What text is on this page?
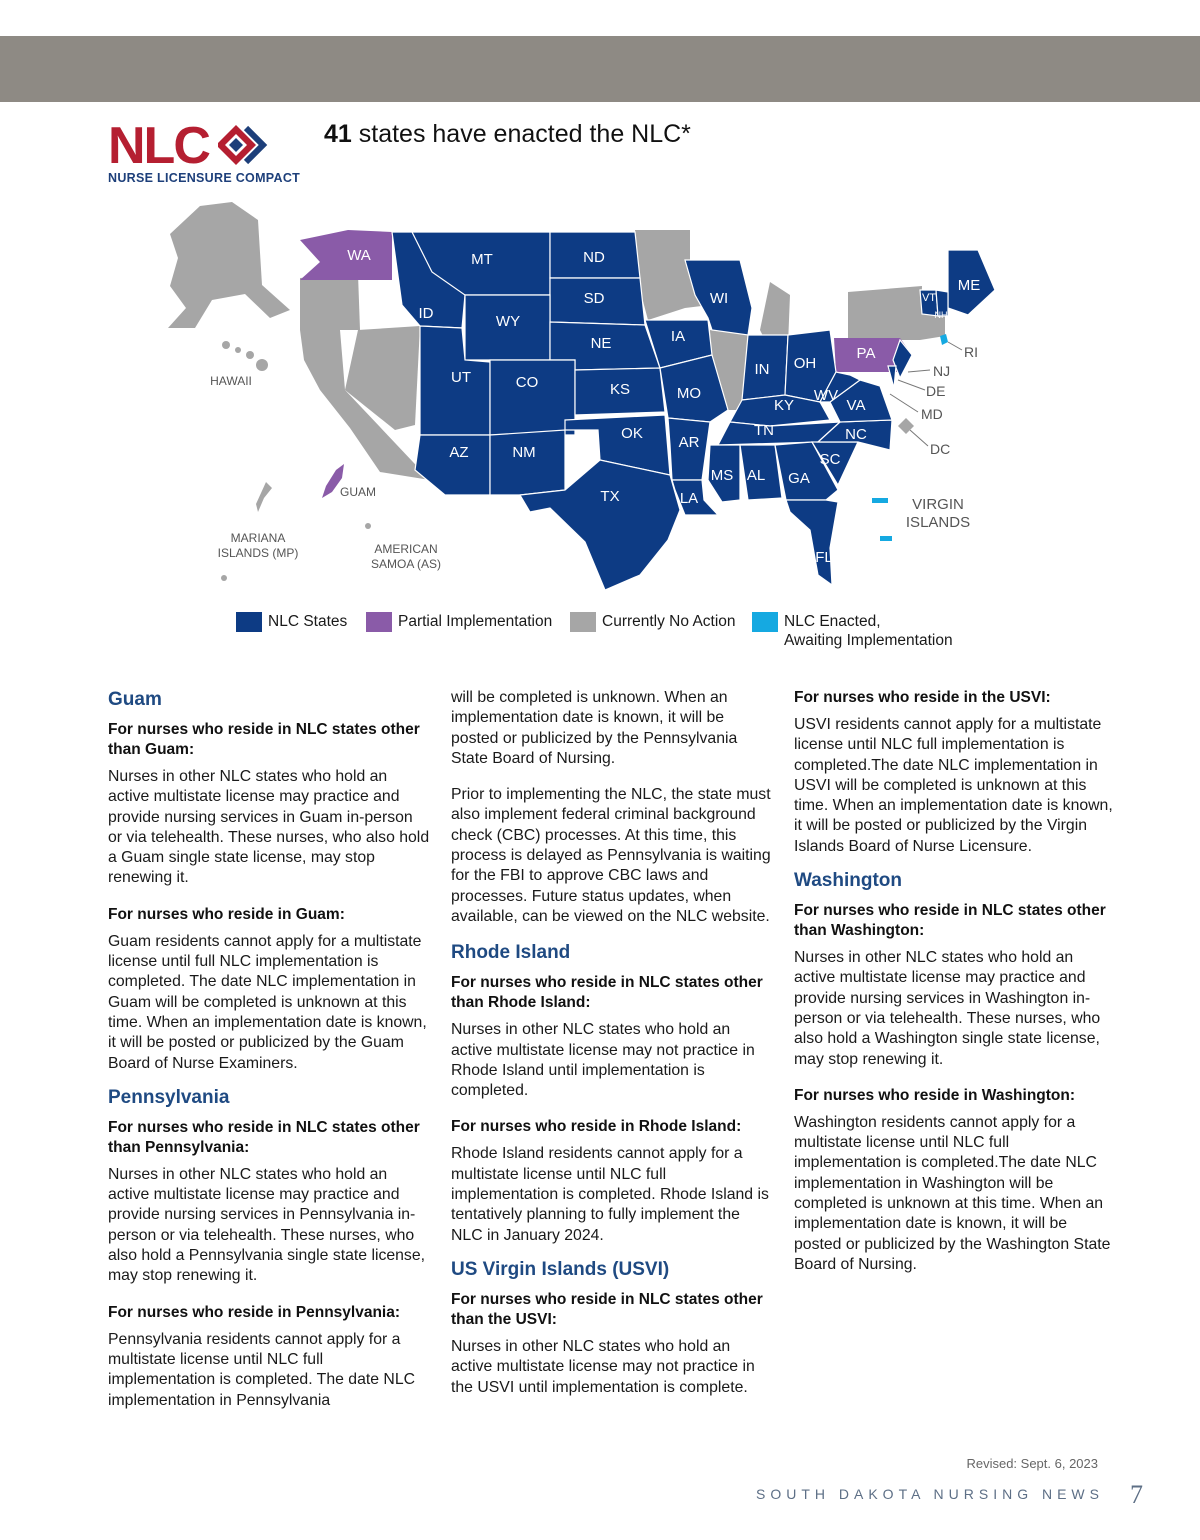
NLC
NURSE LICENSURE COMPACT
41 states have enacted the NLC*
WA	MT	ND
ID
SD
WY
NE
UT	CO	KS
AZ	NM
OK
TX
IA
MO
AR
LA
WI
IN OH
KY
TN
MS AL GA
SC
NC
VA
WV
FL
PA
ME
VT
NH
RI
NJ
DE
MD
DC
HAWAII
GUAM
MARIANA
ISLANDS (MP)	AMERICAN
SAMOA (AS)
VIRGIN
ISLANDS
NLC States	Partial Implementation	Currently No Action	NLC Enacted,
Awaiting Implementation
Guam
For nurses who reside in NLC states other than Guam:
Nurses in other NLC states who hold an active multistate license may practice and provide nursing services in Guam in-person or via telehealth. These nurses, who also hold a Guam single state license, may stop renewing it.
For nurses who reside in Guam:
Guam residents cannot apply for a multistate license until full NLC implementation is completed. The date NLC implementation in Guam will be completed is unknown at this time. When an implementation date is known, it will be posted or publicized by the Guam Board of Nurse Examiners.
Pennsylvania
For nurses who reside in NLC states other than Pennsylvania:
Nurses in other NLC states who hold an active multistate license may practice and provide nursing services in Pennsylvania in-person or via telehealth. These nurses, who also hold a Pennsylvania single state license, may stop renewing it.
For nurses who reside in Pennsylvania:
Pennsylvania residents cannot apply for a multistate license until NLC full implementation is completed. The date NLC implementation in Pennsylvania
will be completed is unknown. When an implementation date is known, it will be posted or publicized by the Pennsylvania State Board of Nursing.
Prior to implementing the NLC, the state must also implement federal criminal background check (CBC) processes. At this time, this process is delayed as Pennsylvania is waiting for the FBI to approve CBC laws and processes. Future status updates, when available, can be viewed on the NLC website.
Rhode Island
For nurses who reside in NLC states other than Rhode Island:
Nurses in other NLC states who hold an active multistate license may not practice in Rhode Island until implementation is completed.
For nurses who reside in Rhode Island:
Rhode Island residents cannot apply for a multistate license until NLC full implementation is completed. Rhode Island is tentatively planning to fully implement the NLC in January 2024.
US Virgin Islands (USVI)
For nurses who reside in NLC states other than the USVI:
Nurses in other NLC states who hold an active multistate license may not practice in the USVI until implementation is complete.
For nurses who reside in the USVI:
USVI residents cannot apply for a multistate license until NLC full implementation is completed.The date NLC implementation in USVI will be completed is unknown at this time. When an implementation date is known, it will be posted or publicized by the Virgin Islands Board of Nurse Licensure.
Washington
For nurses who reside in NLC states other than Washington:
Nurses in other NLC states who hold an active multistate license may practice and provide nursing services in Washington in-person or via telehealth. These nurses, who also hold a Washington single state license, may stop renewing it.
For nurses who reside in Washington:
Washington residents cannot apply for a multistate license until NLC full implementation is completed.The date NLC implementation in Washington will be completed is unknown at this time. When an implementation date is known, it will be posted or publicized by the Washington State Board of Nursing.
Revised: Sept. 6, 2023
SOUTH DAKOTA NURSING NEWS 7
